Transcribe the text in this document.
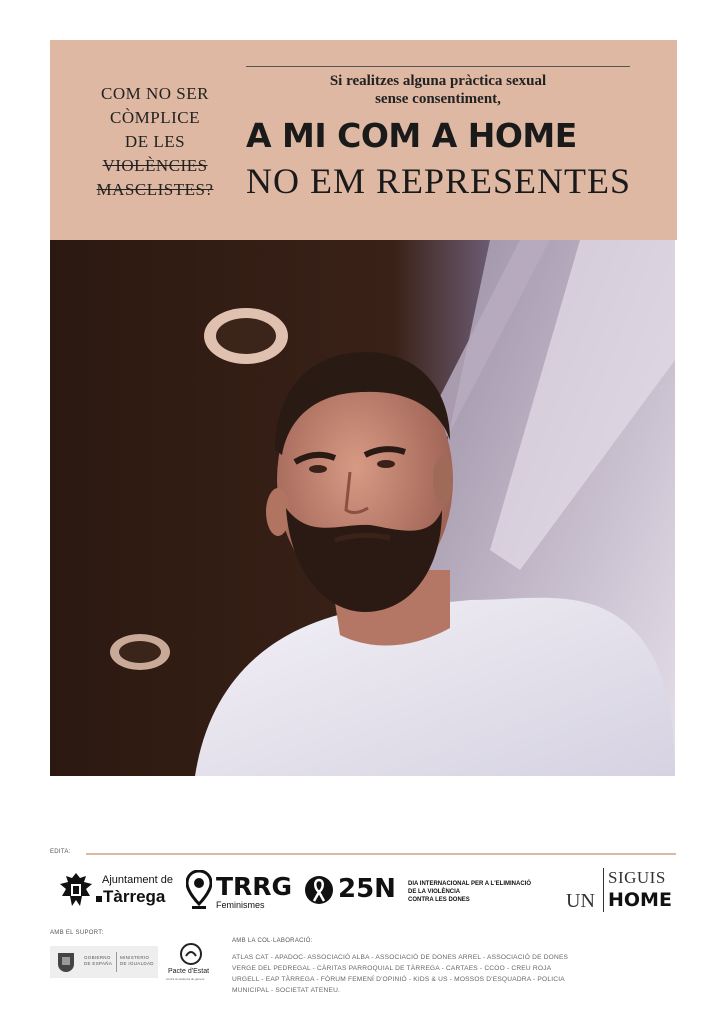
COM NO SER
CÒMPLICE
DE LES
VIOLÈNCIES
MASCLISTES?
Si realitzes alguna pràctica sexual
sense consentiment,
A MI COM A HOME
NO EM REPRESENTES
EDITA:
Ajuntament de
Tàrrega TRRG
Feminismes
25N DIA INTERNACIONAL PER A L'ELIMINACIÓ
DE LA VIOLÈNCIA
CONTRA LES DONES
SIGUIS
UN HOME
AMB EL SUPORT:
GOBIERNO DE ESPAÑA
MINISTERIO DE IGUALDAD
Pacte d'Estat
contra la violència de gènere
AMB LA COL·LABORACIÓ:
ATLAS CAT - APADOC- ASSOCIACIÓ ALBA - ASSOCIACIÓ DE DONES ARREL - ASSOCIACIÓ DE DONES VERGE DEL PEDREGAL - CÀRITAS PARROQUIAL DE TÀRREGA - CARTAES - CCOO - CREU ROJA URGELL - EAP TÀRREGA - FÒRUM FEMENÍ D'OPINIÓ - KIDS & US - MOSSOS D'ESQUADRA - POLICIA MUNICIPAL - SOCIETAT ATENEU.
